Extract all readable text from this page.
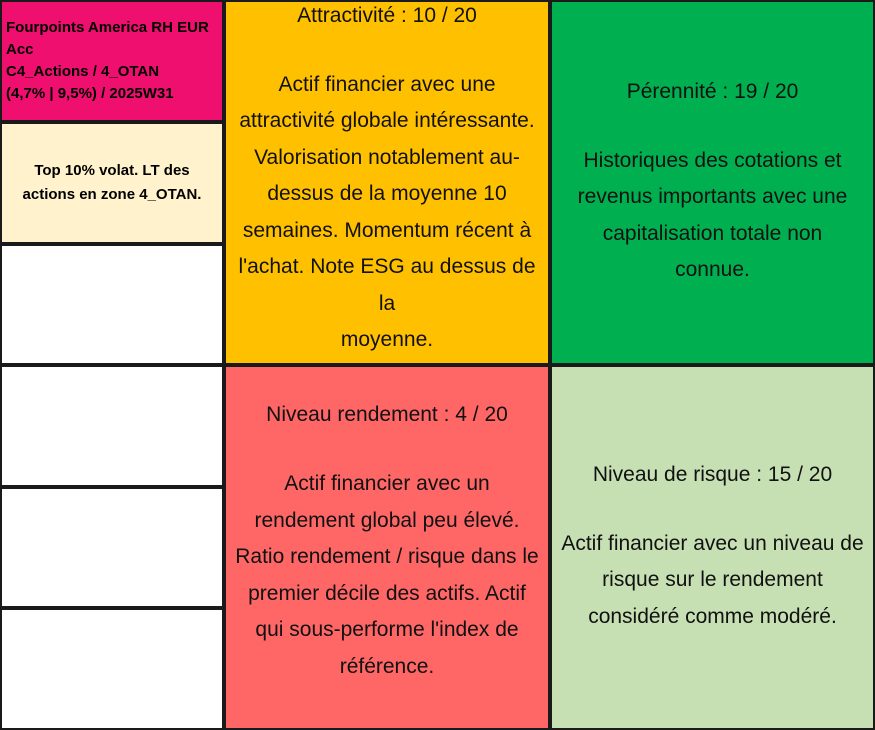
Fourpoints America RH EUR
Acc
C4_Actions / 4_OTAN
(4,7% | 9,5%) / 2025W31
Top 10% volat. LT des
actions en zone 4_OTAN.
Attractivité : 10 / 20
Actif financier avec une
attractivité globale intéressante.
Valorisation notablement au-
dessus de la moyenne 10
semaines. Momentum récent à
l'achat. Note ESG au dessus de la
moyenne.
Pérennité : 19 / 20
Historiques des cotations et
revenus importants avec une
capitalisation totale non
connue.
Niveau rendement : 4 / 20
Actif financier avec un
rendement global peu élevé.
Ratio rendement / risque dans le
premier décile des actifs. Actif
qui sous-performe l'index de
référence.
Niveau de risque : 15 / 20
Actif financier avec un niveau de
risque sur le rendement
considéré comme modéré.
